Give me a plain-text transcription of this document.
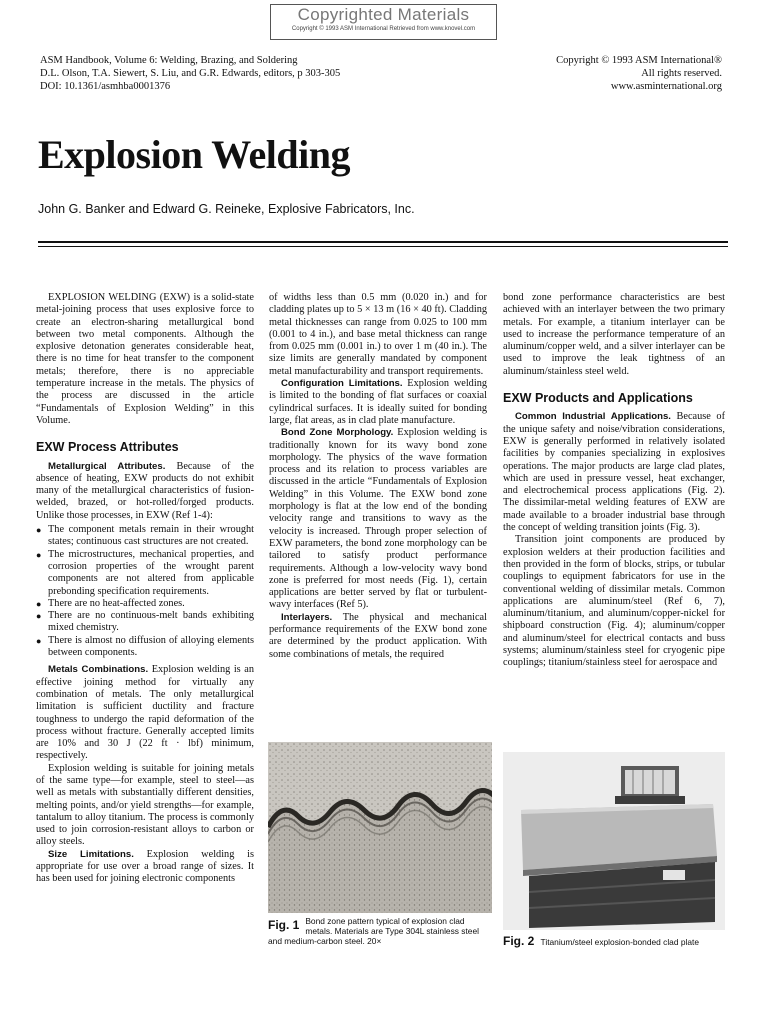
Copyrighted Materials
Copyright © 1993 ASM International Retrieved from www.knovel.com
ASM Handbook, Volume 6: Welding, Brazing, and Soldering
D.L. Olson, T.A. Siewert, S. Liu, and G.R. Edwards, editors, p 303-305
DOI: 10.1361/asmhba0001376
Copyright © 1993 ASM International®
All rights reserved.
www.asminternational.org
Explosion Welding
John G. Banker and Edward G. Reineke, Explosive Fabricators, Inc.

EXPLOSION WELDING (EXW) is a solid-state metal-joining process that uses explosive force to create an electron-sharing metallurgical bond between two metal components. Although the explosive detonation generates considerable heat, there is no time for heat transfer to the component metals; therefore, there is no appreciable temperature increase in the metals. The physics of the process are discussed in the article “Fundamentals of Explosion Welding” in this Volume.

EXW Process Attributes

Metallurgical Attributes. Because of the absence of heating, EXW products do not exhibit many of the metallurgical characteristics of fusion-welded, brazed, or hot-rolled/forged products. Unlike those processes, in EXW (Ref 1-4):

● The component metals remain in their wrought states; continuous cast structures are not created.
● The microstructures, mechanical properties, and corrosion properties of the wrought parent components are not altered from applicable prebonding specification requirements.
● There are no heat-affected zones.
● There are no continuous-melt bands exhibiting mixed chemistry.
● There is almost no diffusion of alloying elements between components.

Metals Combinations. Explosion welding is an effective joining method for virtually any combination of metals. The only metallurgical limitation is sufficient ductility and fracture toughness to undergo the rapid deformation of the process without fracture. Generally accepted limits are 10% and 30 J (22 ft · lbf) minimum, respectively.

Explosion welding is suitable for joining metals of the same type—for example, steel to steel—as well as metals with substantially different densities, melting points, and/or yield strengths—for example, tantalum to alloy titanium. The process is commonly used to join corrosion-resistant alloys to carbon or alloy steels.

Size Limitations. Explosion welding is appropriate for use over a broad range of sizes. It has been used for joining electronic components

of widths less than 0.5 mm (0.020 in.) and for cladding plates up to 5 × 13 m (16 × 40 ft). Cladding metal thicknesses can range from 0.025 to 100 mm (0.001 to 4 in.), and base metal thickness can range from 0.025 mm (0.001 in.) to over 1 m (40 in.). The size limits are generally mandated by component metal manufacturability and transport requirements.

Configuration Limitations. Explosion welding is limited to the bonding of flat surfaces or coaxial cylindrical surfaces. It is ideally suited for bonding large, flat areas, as in clad plate manufacture.

Bond Zone Morphology. Explosion welding is traditionally known for its wavy bond zone morphology. The physics of the wave formation process and its relation to process variables are discussed in the article “Fundamentals of Explosion Welding” in this Volume. The EXW bond zone morphology is flat at the low end of the bonding velocity range and transitions to wavy as the velocity is increased. Through proper selection of EXW parameters, the bond zone morphology can be tailored to satisfy product performance requirements. Although a low-velocity wavy bond zone is preferred for most needs (Fig. 1), certain applications are better served by flat or turbulent-wavy interfaces (Ref 5).

Interlayers. The physical and mechanical performance requirements of the EXW bond zone are determined by the product application. With some combinations of metals, the required

bond zone performance characteristics are best achieved with an interlayer between the two primary metals. For example, a titanium interlayer can be used to increase the performance temperature of an aluminum/copper weld, and a silver interlayer can be used to improve the leak tightness of an aluminum/stainless steel weld.

EXW Products and Applications

Common Industrial Applications. Because of the unique safety and noise/vibration considerations, EXW is generally performed in relatively isolated facilities by companies specializing in explosives operations. The major products are large clad plates, which are used in pressure vessel, heat exchanger, and electrochemical process applications (Fig. 2). The dissimilar-metal welding features of EXW are made available to a broader industrial base through the concept of welding transition joints (Fig. 3).

Transition joint components are produced by explosion welders at their production facilities and then provided in the form of blocks, strips, or tubular couplings to equipment fabricators for use in the conventional welding of dissimilar metals. Common applications are aluminum/steel (Ref 6, 7), aluminum/titanium, and aluminum/copper-nickel for shipboard construction (Fig. 4); aluminum/copper and aluminum/steel for electrical contacts and buss systems; aluminum/stainless steel for cryogenic pipe couplings; titanium/stainless steel for aerospace and

Fig. 1 Bond zone pattern typical of explosion clad metals. Materials are Type 304L stainless steel and medium-carbon steel. 20×	Fig. 2 Titanium/steel explosion-bonded clad plate
